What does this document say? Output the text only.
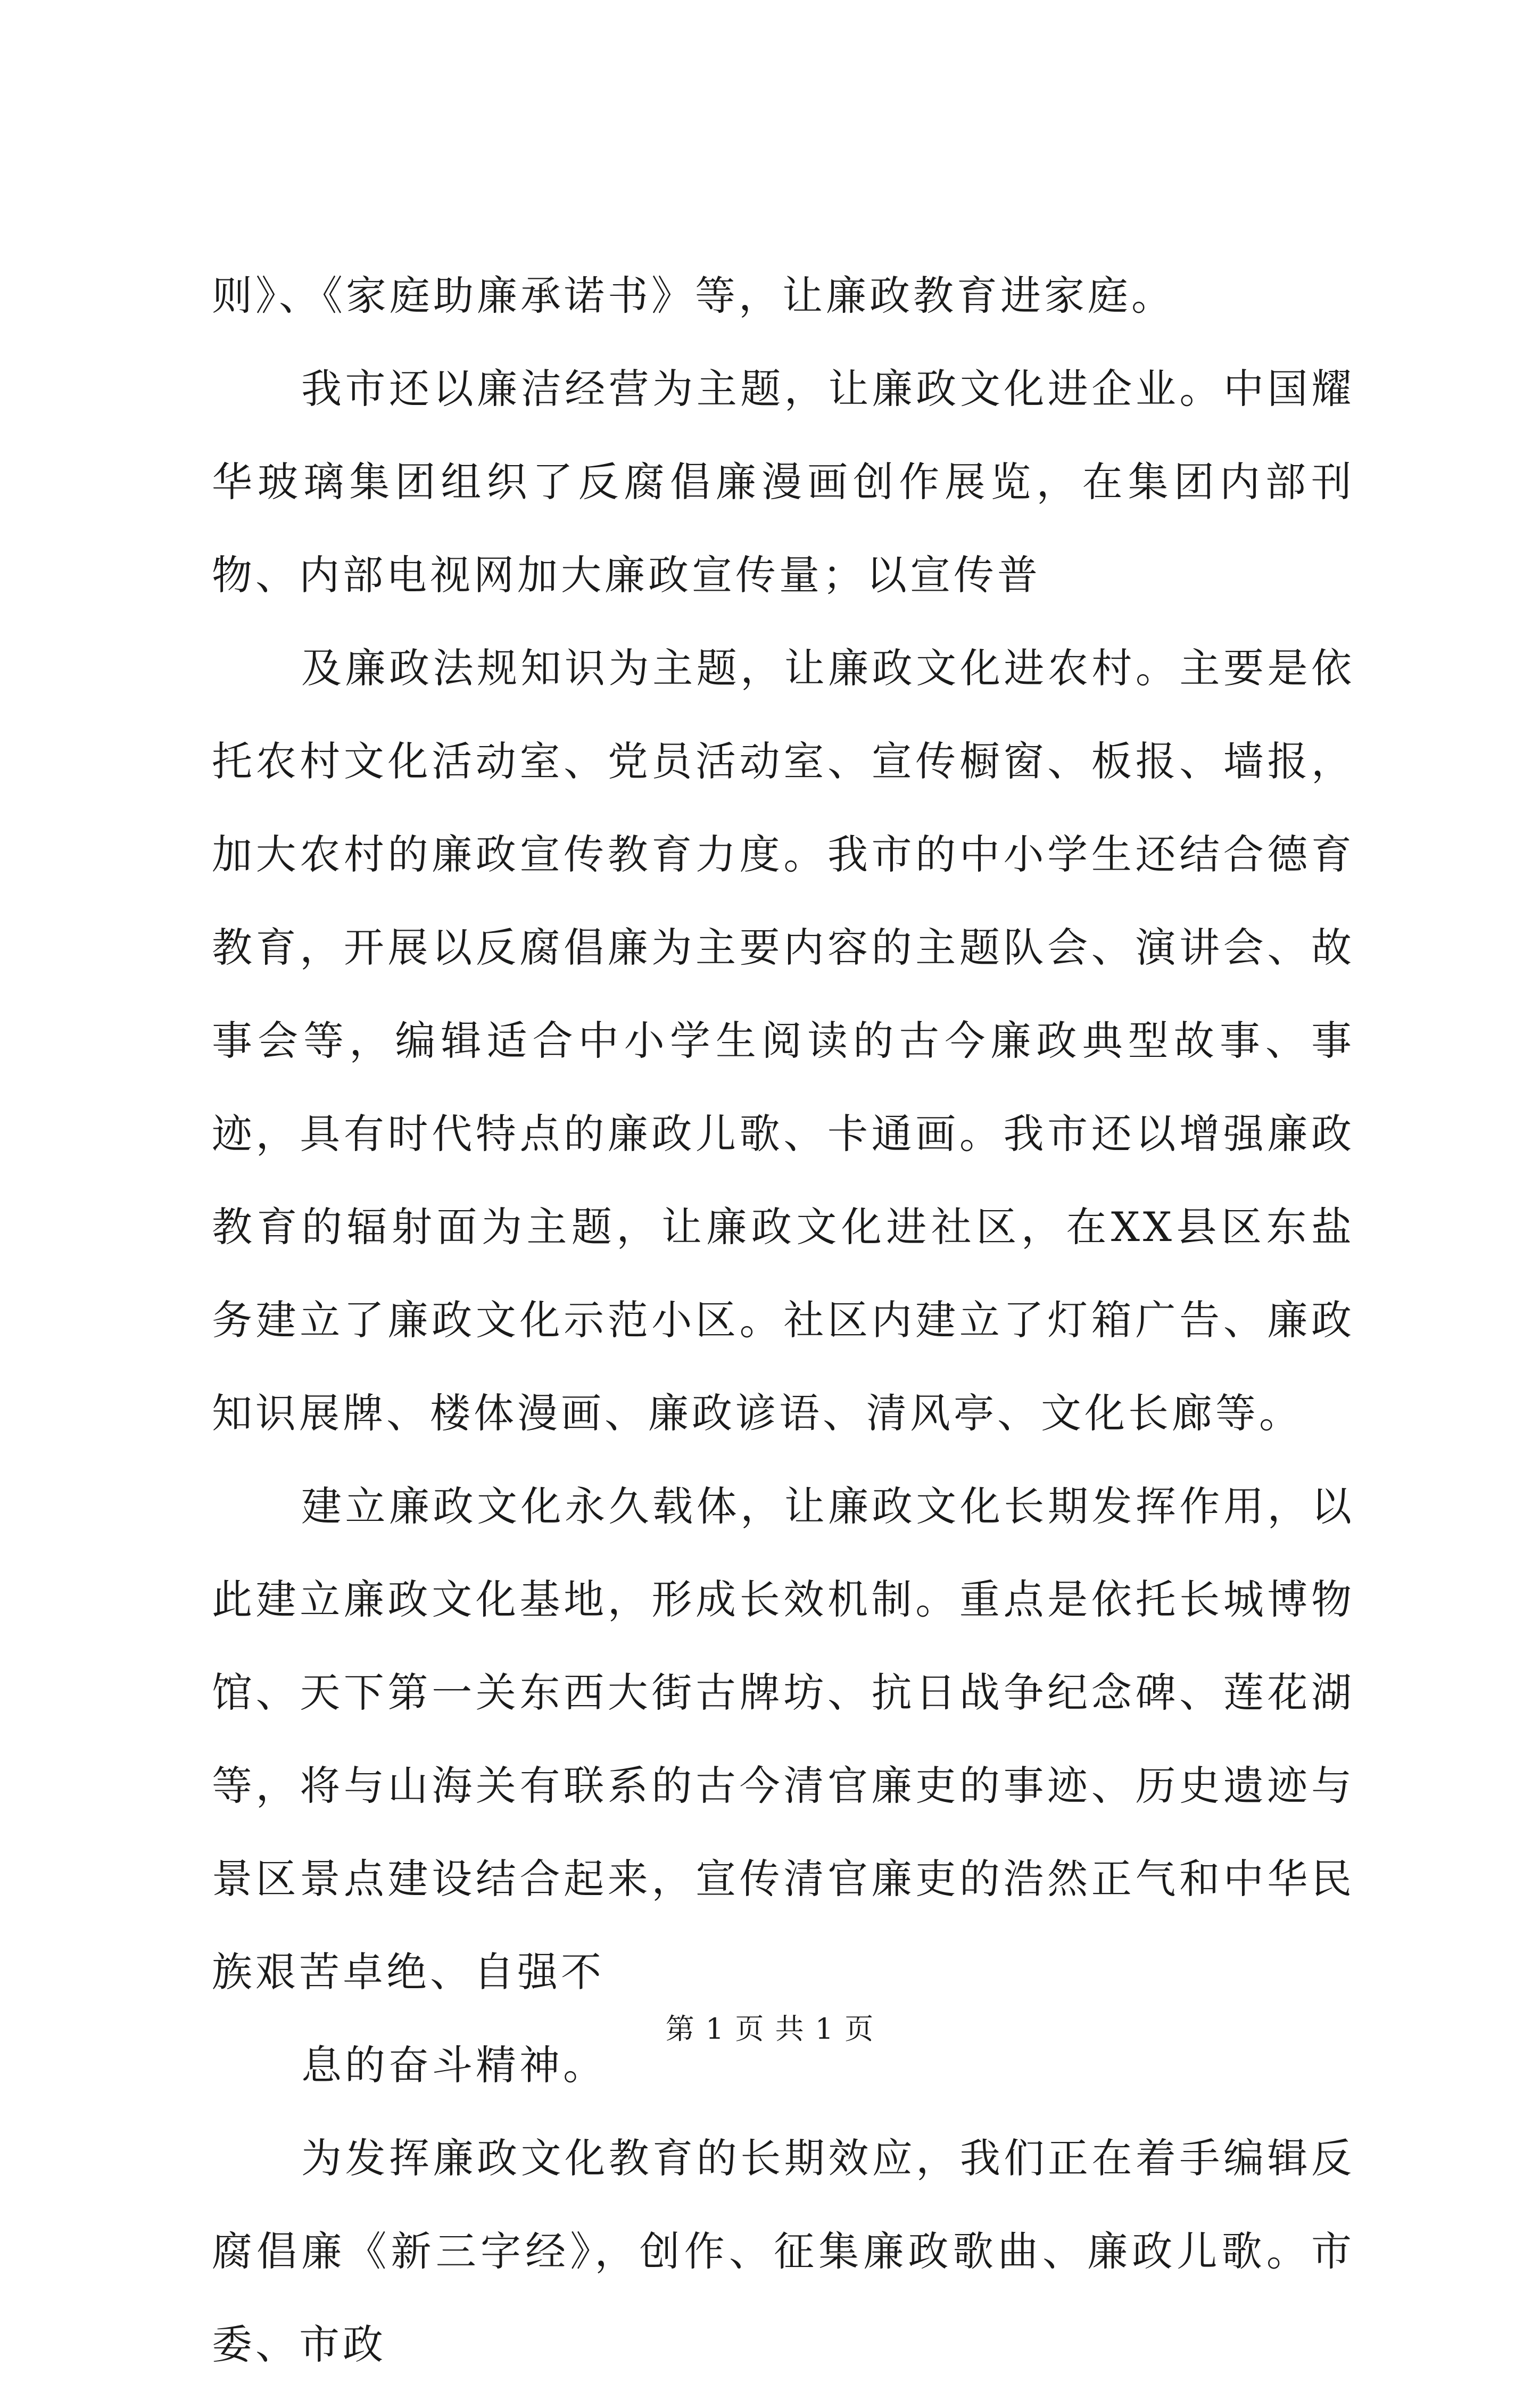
则》、《家庭助廉承诺书》等，让廉政教育进家庭。

我市还以廉洁经营为主题，让廉政文化进企业。中国耀华玻璃集团组织了反腐倡廉漫画创作展览，在集团内部刊物、内部电视网加大廉政宣传量；以宣传普

及廉政法规知识为主题，让廉政文化进农村。主要是依托农村文化活动室、党员活动室、宣传橱窗、板报、墙报，加大农村的廉政宣传教育力度。我市的中小学生还结合德育教育，开展以反腐倡廉为主要内容的主题队会、演讲会、故事会等，编辑适合中小学生阅读的古今廉政典型故事、事迹，具有时代特点的廉政儿歌、卡通画。我市还以增强廉政教育的辐射面为主题，让廉政文化进社区，在XX县区东盐务建立了廉政文化示范小区。社区内建立了灯箱广告、廉政知识展牌、楼体漫画、廉政谚语、清风亭、文化长廊等。

建立廉政文化永久载体，让廉政文化长期发挥作用，以此建立廉政文化基地，形成长效机制。重点是依托长城博物馆、天下第一关东西大街古牌坊、抗日战争纪念碑、莲花湖等，将与山海关有联系的古今清官廉吏的事迹、历史遗迹与景区景点建设结合起来，宣传清官廉吏的浩然正气和中华民族艰苦卓绝、自强不

息的奋斗精神。

为发挥廉政文化教育的长期效应，我们正在着手编辑反腐倡廉《新三字经》，创作、征集廉政歌曲、廉政儿歌。市委、市政

第 1 页 共 1 页
